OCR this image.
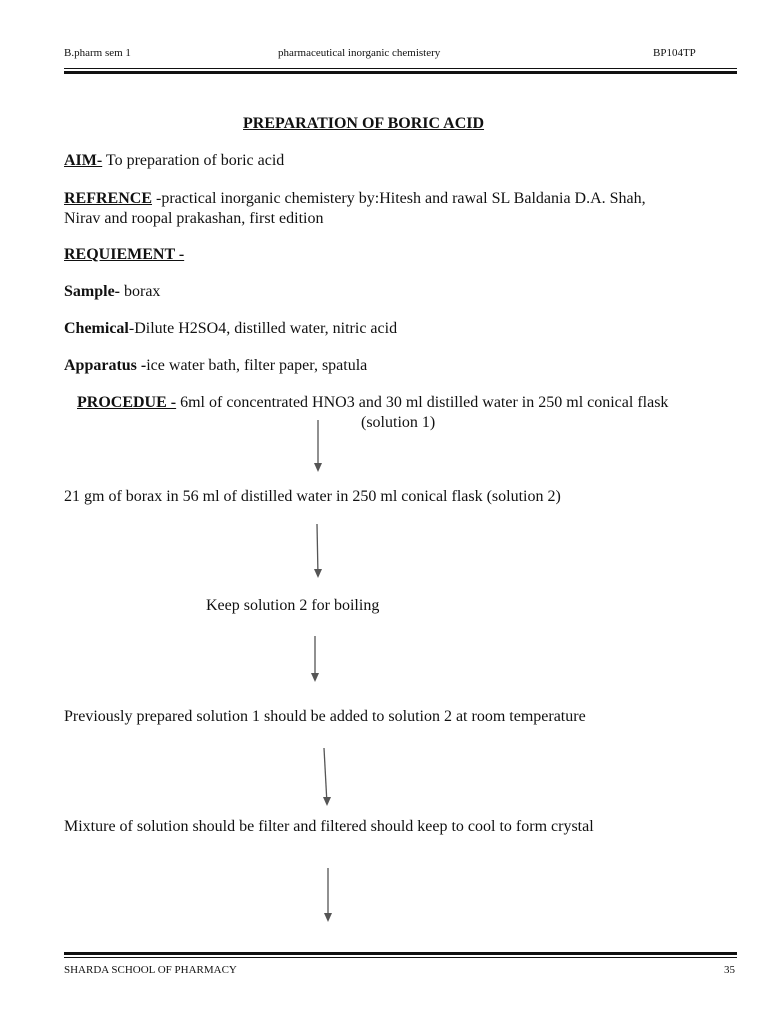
B.pharm sem 1	pharmaceutical inorganic chemistery	BP104TP
PREPARATION OF BORIC ACID
AIM- To preparation of boric acid
REFRENCE -practical inorganic chemistery by:Hitesh and rawal SL Baldania D.A. Shah,
Nirav and roopal prakashan, first edition
REQUIEMENT -
Sample- borax
Chemical-Dilute H2SO4, distilled water, nitric acid
Apparatus -ice water bath, filter paper, spatula
PROCEDUE - 6ml of concentrated HNO3 and 30 ml distilled water in 250 ml conical flask
(solution 1)
21 gm of borax in 56 ml of distilled water in 250 ml conical flask (solution 2)
Keep solution 2 for boiling
Previously prepared solution 1 should be added to solution 2 at room temperature
Mixture of solution should be filter and filtered should keep to cool to form crystal
SHARDA SCHOOL OF PHARMACY	35
